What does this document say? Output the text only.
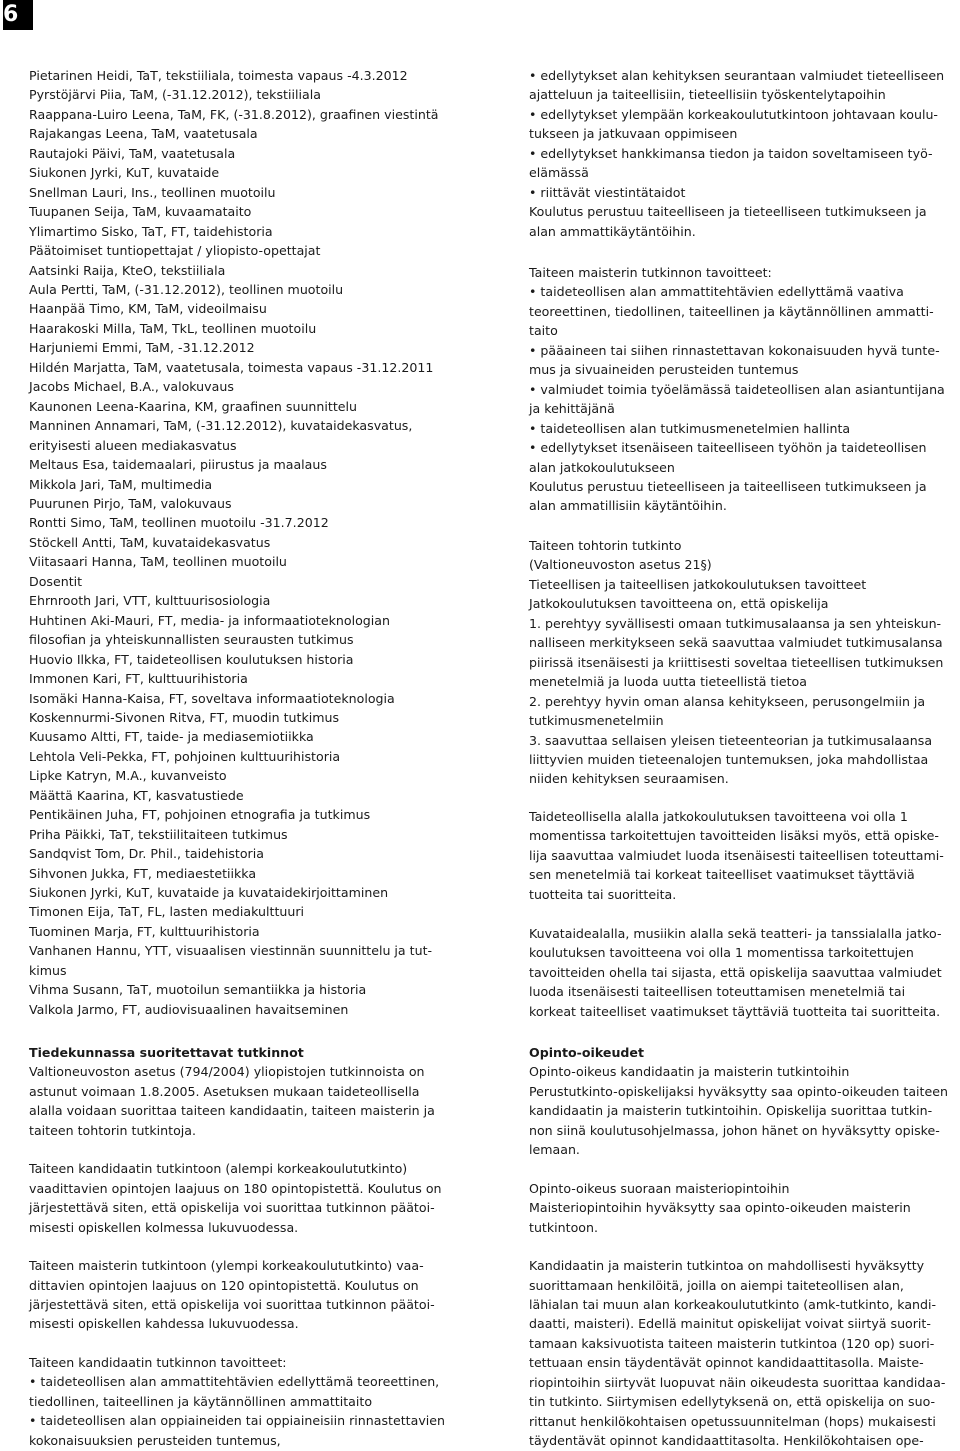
6

Pietarinen Heidi, TaT, tekstiiliala, toimesta vapaus -4.3.2012

Pyrstöjärvi Piia, TaM, (-31.12.2012), tekstiiliala

Raappana-Luiro Leena, TaM, FK, (-31.8.2012), graafinen viestintä

Rajakangas Leena, TaM, vaatetusala

Rautajoki Päivi, TaM, vaatetusala

Siukonen Jyrki, KuT, kuvataide

Snellman Lauri, Ins., teollinen muotoilu

Tuupanen Seija, TaM, kuvaamataito

Ylimartimo Sisko, TaT, FT, taidehistoria

Päätoimiset tuntiopettajat / yliopisto-opettajat

Aatsinki Raija, KteO, tekstiiliala

Aula Pertti, TaM, (-31.12.2012), teollinen muotoilu

Haanpää Timo, KM, TaM, videoilmaisu

Haarakoski Milla, TaM, TkL, teollinen muotoilu

Harjuniemi Emmi, TaM, -31.12.2012

Hildén Marjatta, TaM, vaatetusala, toimesta vapaus -31.12.2011

Jacobs Michael, B.A., valokuvaus

Kaunonen Leena-Kaarina, KM, graafinen suunnittelu

Manninen Annamari, TaM, (-31.12.2012), kuvataidekasvatus,

erityisesti alueen mediakasvatus

Meltaus Esa, taidemaalari, piirustus ja maalaus

Mikkola Jari, TaM, multimedia

Puurunen Pirjo, TaM, valokuvaus

Rontti Simo, TaM, teollinen muotoilu -31.7.2012

Stöckell Antti, TaM, kuvataidekasvatus

Viitasaari Hanna, TaM, teollinen muotoilu

Dosentit

Ehrnrooth Jari, VTT, kulttuurisosiologia

Huhtinen Aki-Mauri, FT, media- ja informaatioteknologian

filosofian ja yhteiskunnallisten seurausten tutkimus

Huovio Ilkka, FT, taideteollisen koulutuksen historia

Immonen Kari, FT, kulttuurihistoria

Isomäki Hanna-Kaisa, FT, soveltava informaatioteknologia

Koskennurmi-Sivonen Ritva, FT, muodin tutkimus

Kuusamo Altti, FT, taide- ja mediasemiotiikka

Lehtola Veli-Pekka, FT, pohjoinen kulttuurihistoria

Lipke Katryn, M.A., kuvanveisto

Määttä Kaarina, KT, kasvatustiede

Pentikäinen Juha, FT, pohjoinen etnografia ja tutkimus

Priha Päikki, TaT, tekstiilitaiteen tutkimus

Sandqvist Tom, Dr. Phil., taidehistoria

Sihvonen Jukka, FT, mediaestetiikka

Siukonen Jyrki, KuT, kuvataide ja kuvataidekirjoittaminen

Timonen Eija, TaT, FL, lasten mediakulttuuri

Tuominen Marja, FT, kulttuurihistoria

Vanhanen Hannu, YTT, visuaalisen viestinnän suunnittelu ja tut-

kimus

Vihma Susann, TaT, muotoilun semantiikka ja historia

Valkola Jarmo, FT, audiovisuaalinen havaitseminen

Tiedekunnassa suoritettavat tutkinnot

Valtioneuvoston asetus (794/2004) yliopistojen tutkinnoista on

astunut voimaan 1.8.2005. Asetuksen mukaan taideteollisella

alalla voidaan suorittaa taiteen kandidaatin, taiteen maisterin ja

taiteen tohtorin tutkintoja.

Taiteen kandidaatin tutkintoon (alempi korkeakoulututkinto)

vaadittavien opintojen laajuus on 180 opintopistettä. Koulutus on

järjestettävä siten, että opiskelija voi suorittaa tutkinnon päätoi-

misesti opiskellen kolmessa lukuvuodessa.

Taiteen maisterin tutkintoon (ylempi korkeakoulututkinto) vaa-

dittavien opintojen laajuus on 120 opintopistettä. Koulutus on

järjestettävä siten, että opiskelija voi suorittaa tutkinnon päätoi-

misesti opiskellen kahdessa lukuvuodessa.

Taiteen kandidaatin tutkinnon tavoitteet:

• taideteollisen alan ammattitehtävien edellyttämä teoreettinen,

tiedollinen, taiteellinen ja käytännöllinen ammattitaito

• taideteollisen alan oppiaineiden tai oppiaineisiin rinnastettavien

kokonaisuuksien perusteiden tuntemus,

• edellytykset alan kehityksen seurantaan valmiudet tieteelliseen

ajatteluun ja taiteellisiin, tieteellisiin työskentelytapoihin

• edellytykset ylempään korkeakoulututkintoon johtavaan koulu-

tukseen ja jatkuvaan oppimiseen

• edellytykset hankkimansa tiedon ja taidon soveltamiseen työ-

elämässä

• riittävät viestintätaidot

Koulutus perustuu taiteelliseen ja tieteelliseen tutkimukseen ja

alan ammattikäytäntöihin.

Taiteen maisterin tutkinnon tavoitteet:

• taideteollisen alan ammattitehtävien edellyttämä vaativa

teoreettinen, tiedollinen, taiteellinen ja käytännöllinen ammatti-

taito

• pääaineen tai siihen rinnastettavan kokonaisuuden hyvä tunte-

mus ja sivuaineiden perusteiden tuntemus

• valmiudet toimia työelämässä taideteollisen alan asiantuntijana

ja kehittäjänä

• taideteollisen alan tutkimusmenetelmien hallinta

• edellytykset itsenäiseen taiteelliseen työhön ja taideteollisen

alan jatkokoulutukseen

Koulutus perustuu tieteelliseen ja taiteelliseen tutkimukseen ja

alan ammatillisiin käytäntöihin.

Taiteen tohtorin tutkinto

(Valtioneuvoston asetus 21§)

Tieteellisen ja taiteellisen jatkokoulutuksen tavoitteet

Jatkokoulutuksen tavoitteena on, että opiskelija

1. perehtyy syvällisesti omaan tutkimusalaansa ja sen yhteiskun-

nalliseen merkitykseen sekä saavuttaa valmiudet tutkimusalansa

piirissä itsenäisesti ja kriittisesti soveltaa tieteellisen tutkimuksen

menetelmiä ja luoda uutta tieteellistä tietoa

2. perehtyy hyvin oman alansa kehitykseen, perusongelmiin ja

tutkimusmenetelmiin

3. saavuttaa sellaisen yleisen tieteenteorian ja tutkimusalaansa

liittyvien muiden tieteenalojen tuntemuksen, joka mahdollistaa

niiden kehityksen seuraamisen.

Taideteollisella alalla jatkokoulutuksen tavoitteena voi olla 1

momentissa tarkoitettujen tavoitteiden lisäksi myös, että opiske-

lija saavuttaa valmiudet luoda itsenäisesti taiteellisen toteuttami-

sen menetelmiä tai korkeat taiteelliset vaatimukset täyttäviä

tuotteita tai suoritteita.

Kuvataidealalla, musiikin alalla sekä teatteri- ja tanssialalla jatko-

koulutuksen tavoitteena voi olla 1 momentissa tarkoitettujen

tavoitteiden ohella tai sijasta, että opiskelija saavuttaa valmiudet

luoda itsenäisesti taiteellisen toteuttamisen menetelmiä tai

korkeat taiteelliset vaatimukset täyttäviä tuotteita tai suoritteita.

Opinto-oikeudet

Opinto-oikeus kandidaatin ja maisterin tutkintoihin

Perustutkinto-opiskelijaksi hyväksytty saa opinto-oikeuden taiteen

kandidaatin ja maisterin tutkintoihin. Opiskelija suorittaa tutkin-

non siinä koulutusohjelmassa, johon hänet on hyväksytty opiske-

lemaan.

Opinto-oikeus suoraan maisteriopintoihin

Maisteriopintoihin hyväksytty saa opinto-oikeuden maisterin

tutkintoon.

Kandidaatin ja maisterin tutkintoa on mahdollisesti hyväksytty

suorittamaan henkilöitä, joilla on aiempi taiteteollisen alan,

lähialan tai muun alan korkeakoulututkinto (amk-tutkinto, kandi-

daatti, maisteri). Edellä mainitut opiskelijat voivat siirtyä suorit-

tamaan kaksivuotista taiteen maisterin tutkintoa (120 op) suori-

tettuaan ensin täydentävät opinnot kandidaattitasolla. Maiste-

riopintoihin siirtyvät luopuvat näin oikeudesta suorittaa kandidaa-

tin tutkinto. Siirtymisen edellytyksenä on, että opiskelija on suo-

rittanut henkilökohtaisen opetussuunnitelman (hops) mukaisesti

täydentävät opinnot kandidaattitasolta. Henkilökohtaisen ope-
